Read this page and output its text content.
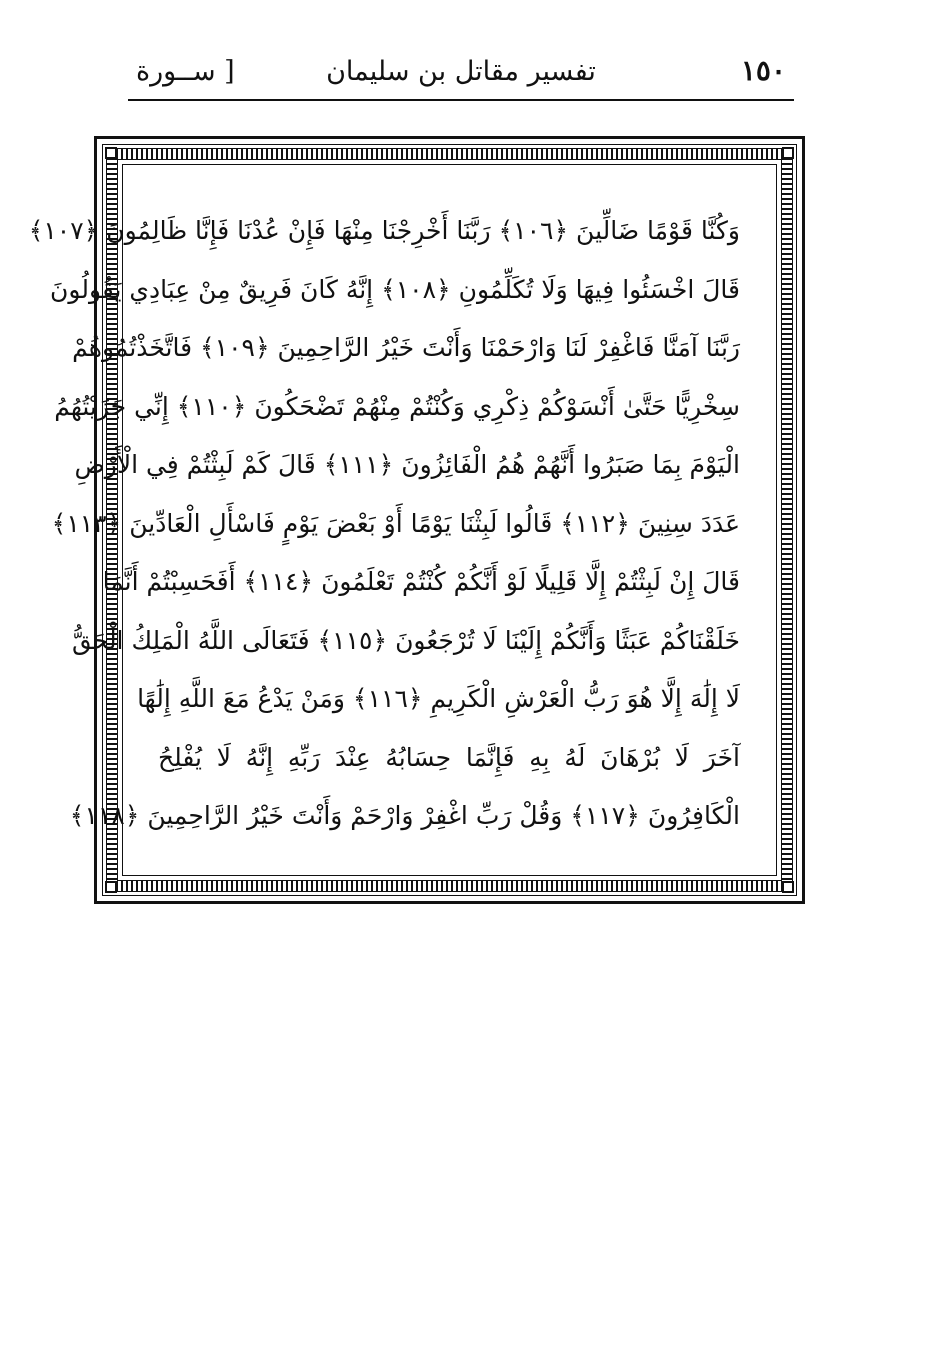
١٥٠
تفسير مقاتل بن سليمان
[ ســورة
وَكُنَّا قَوْمًا ضَالِّينَ ﴿١٠٦﴾ رَبَّنَا أَخْرِجْنَا مِنْهَا فَإِنْ عُدْنَا فَإِنَّا ظَالِمُونَ ﴿١٠٧﴾
قَالَ اخْسَئُوا فِيهَا وَلَا تُكَلِّمُونِ ﴿١٠٨﴾ إِنَّهُ كَانَ فَرِيقٌ مِنْ عِبَادِي يَقُولُونَ
رَبَّنَا آمَنَّا فَاغْفِرْ لَنَا وَارْحَمْنَا وَأَنْتَ خَيْرُ الرَّاحِمِينَ ﴿١٠٩﴾ فَاتَّخَذْتُمُوهُمْ
سِخْرِيًّا حَتَّىٰ أَنْسَوْكُمْ ذِكْرِي وَكُنْتُمْ مِنْهُمْ تَضْحَكُونَ ﴿١١٠﴾ إِنِّي جَزَيْتُهُمُ
الْيَوْمَ بِمَا صَبَرُوا أَنَّهُمْ هُمُ الْفَائِزُونَ ﴿١١١﴾ قَالَ كَمْ لَبِثْتُمْ فِي الْأَرْضِ
عَدَدَ سِنِينَ ﴿١١٢﴾ قَالُوا لَبِثْنَا يَوْمًا أَوْ بَعْضَ يَوْمٍ فَاسْأَلِ الْعَادِّينَ ﴿١١٣﴾
قَالَ إِنْ لَبِثْتُمْ إِلَّا قَلِيلًا لَوْ أَنَّكُمْ كُنْتُمْ تَعْلَمُونَ ﴿١١٤﴾ أَفَحَسِبْتُمْ أَنَّمَا
خَلَقْنَاكُمْ عَبَثًا وَأَنَّكُمْ إِلَيْنَا لَا تُرْجَعُونَ ﴿١١٥﴾ فَتَعَالَى اللَّهُ الْمَلِكُ الْحَقُّ
لَا إِلَٰهَ إِلَّا هُوَ رَبُّ الْعَرْشِ الْكَرِيمِ ﴿١١٦﴾ وَمَنْ يَدْعُ مَعَ اللَّهِ إِلَٰهًا
آخَرَ لَا بُرْهَانَ لَهُ بِهِ فَإِنَّمَا حِسَابُهُ عِنْدَ رَبِّهِ إِنَّهُ لَا يُفْلِحُ
الْكَافِرُونَ ﴿١١٧﴾ وَقُلْ رَبِّ اغْفِرْ وَارْحَمْ وَأَنْتَ خَيْرُ الرَّاحِمِينَ ﴿١١٨﴾
